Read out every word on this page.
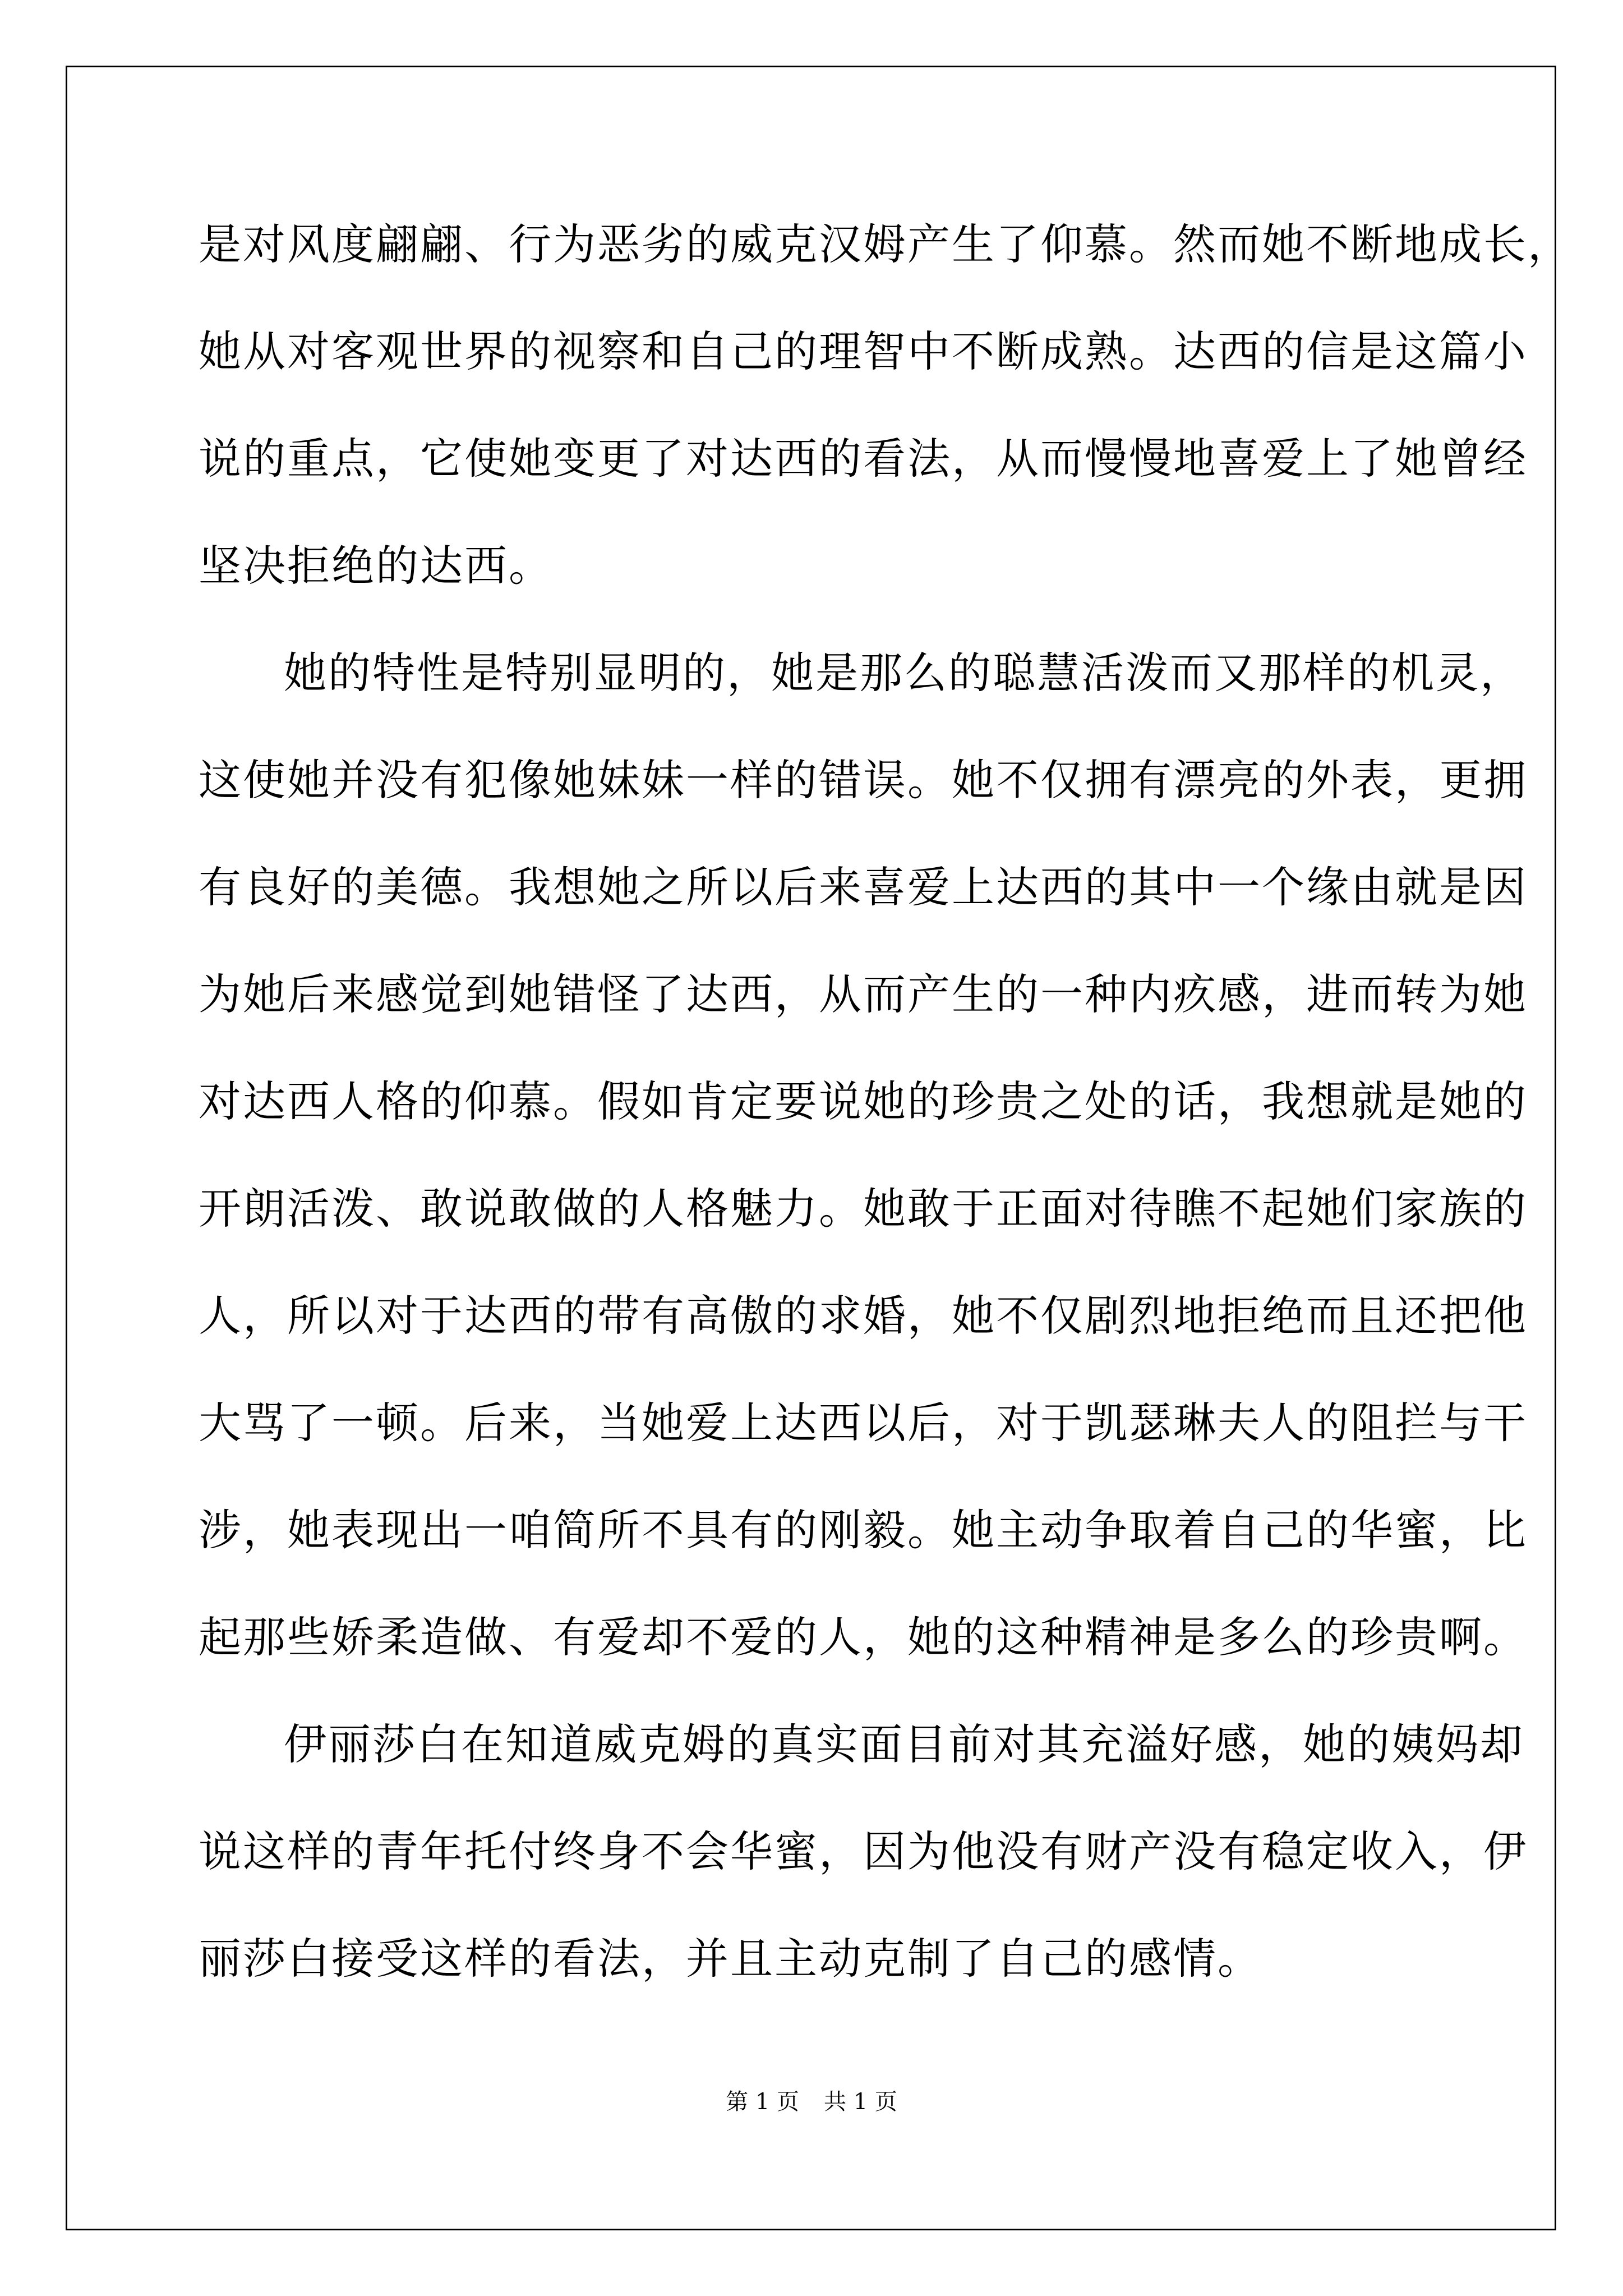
是对风度翩翩、行为恶劣的威克汉姆产生了仰慕。然而她不断地成长，
她从对客观世界的视察和自己的理智中不断成熟。达西的信是这篇小
说的重点，它使她变更了对达西的看法，从而慢慢地喜爱上了她曾经
坚决拒绝的达西。
她的特性是特别显明的，她是那么的聪慧活泼而又那样的机灵，
这使她并没有犯像她妹妹一样的错误。她不仅拥有漂亮的外表，更拥
有良好的美德。我想她之所以后来喜爱上达西的其中一个缘由就是因
为她后来感觉到她错怪了达西，从而产生的一种内疚感，进而转为她
对达西人格的仰慕。假如肯定要说她的珍贵之处的话，我想就是她的
开朗活泼、敢说敢做的人格魅力。她敢于正面对待瞧不起她们家族的
人，所以对于达西的带有高傲的求婚，她不仅剧烈地拒绝而且还把他
大骂了一顿。后来，当她爱上达西以后，对于凯瑟琳夫人的阻拦与干
涉，她表现出一咱简所不具有的刚毅。她主动争取着自己的华蜜，比
起那些娇柔造做、有爱却不爱的人，她的这种精神是多么的珍贵啊。
伊丽莎白在知道威克姆的真实面目前对其充溢好感，她的姨妈却
说这样的青年托付终身不会华蜜，因为他没有财产没有稳定收入，伊
丽莎白接受这样的看法，并且主动克制了自己的感情。
第 1 页 共 1 页
